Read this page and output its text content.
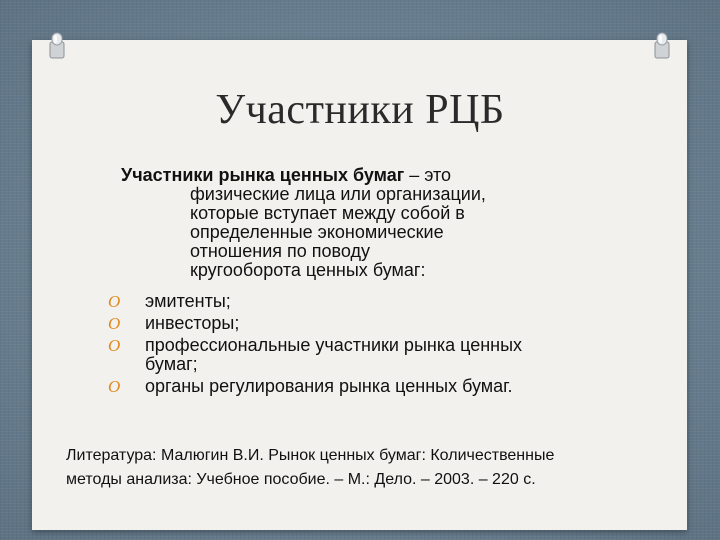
Участники РЦБ
Участники рынка ценных бумаг – это
физические лица или организации,
которые вступает между собой в
определенные экономические
отношения по поводу
кругооборота ценных бумаг:
O эмитенты;
O инвесторы;
O профессиональные участники рынка ценных бумаг;
O органы регулирования рынка ценных бумаг.
Литература: Малюгин В.И. Рынок ценных бумаг: Количественные
методы анализа: Учебное пособие. – М.: Дело. – 2003. – 220 с.
